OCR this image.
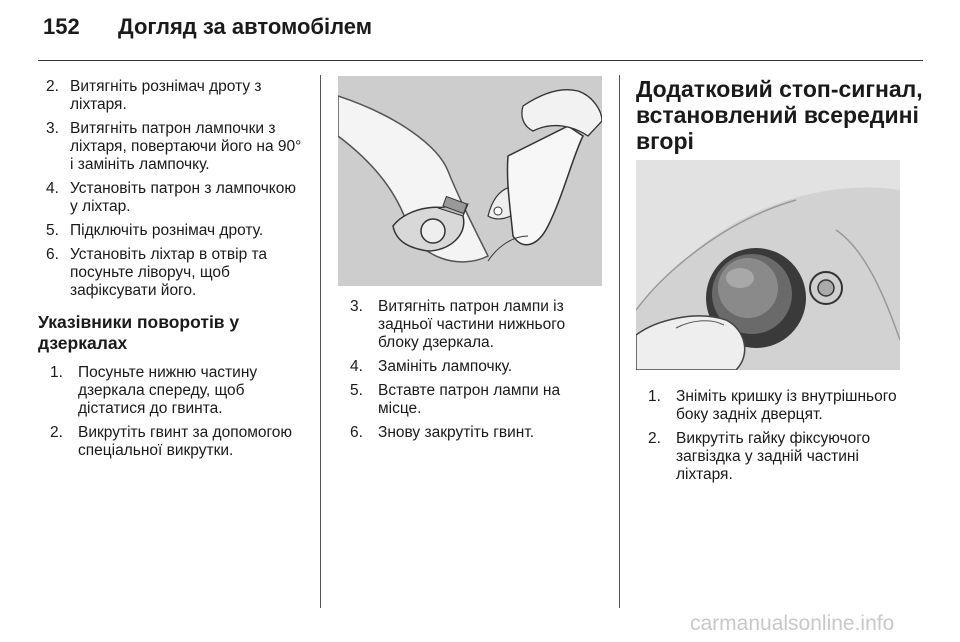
152 Догляд за автомобілем
2. Витягніть рознімач дроту з ліхтаря.
3. Витягніть патрон лампочки з ліхтаря, повертаючи його на 90° і замініть лампочку.
4. Установіть патрон з лампочкою у ліхтар.
5. Підключіть рознімач дроту.
6. Установіть ліхтар в отвір та посуньте ліворуч, щоб зафіксувати його.
Указівники поворотів у дзеркалах
1. Посуньте нижню частину дзеркала спереду, щоб дістатися до гвинта.
2. Викрутіть гвинт за допомогою спеціальної викрутки.
3. Витягніть патрон лампи із задньої частини нижнього блоку дзеркала.
4. Замініть лампочку.
5. Вставте патрон лампи на місце.
6. Знову закрутіть гвинт.
Додатковий стоп-сигнал, встановлений всередині вгорі
1. Зніміть кришку із внутрішнього боку задніх дверцят.
2. Викрутіть гайку фіксуючого загвіздка у задній частині ліхтаря.
carmanualsonline.info
